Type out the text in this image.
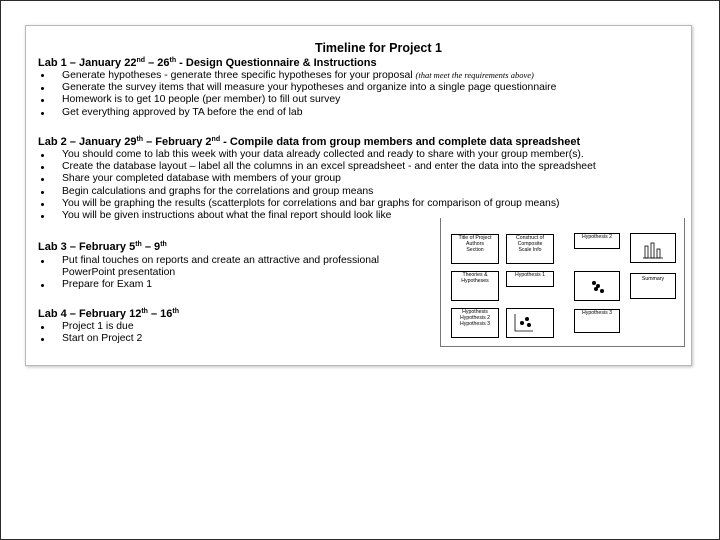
Timeline for Project 1
Lab 1 – January 22nd – 26th - Design Questionnaire & Instructions
Generate hypotheses - generate three specific hypotheses for your proposal (that meet the requirements above)
Generate the survey items that will measure your hypotheses and organize into a single page questionnaire
Homework is to get 10 people (per member) to fill out survey
Get everything approved by TA before the end of lab
Lab 2 – January 29th – February 2nd - Compile data from group members and complete data spreadsheet
You should come to lab this week with your data already collected and ready to share with your group member(s).
Create the database layout – label all the columns in an excel spreadsheet - and enter the data into the spreadsheet
Share your completed database with members of your group
Begin calculations and graphs for the correlations and group means
You will be graphing the results (scatterplots for correlations and bar graphs for comparison of group means)
You will be given instructions about what the final report should look like
Lab 3 – February 5th – 9th
Put final touches on reports and create an attractive and professional
PowerPoint presentation
Prepare for Exam 1
Lab 4 – February 12th – 16th
Project 1 is due
Start on Project 2
Title of Project
Authors
Section
Construct of
Composite
Scale Info
Hypothesis 2
Theories &
Hypotheses
Hypothesis 1
Summary
Hypothesis
Hypothesis 2
Hypothesis 3
Hypothesis 3
